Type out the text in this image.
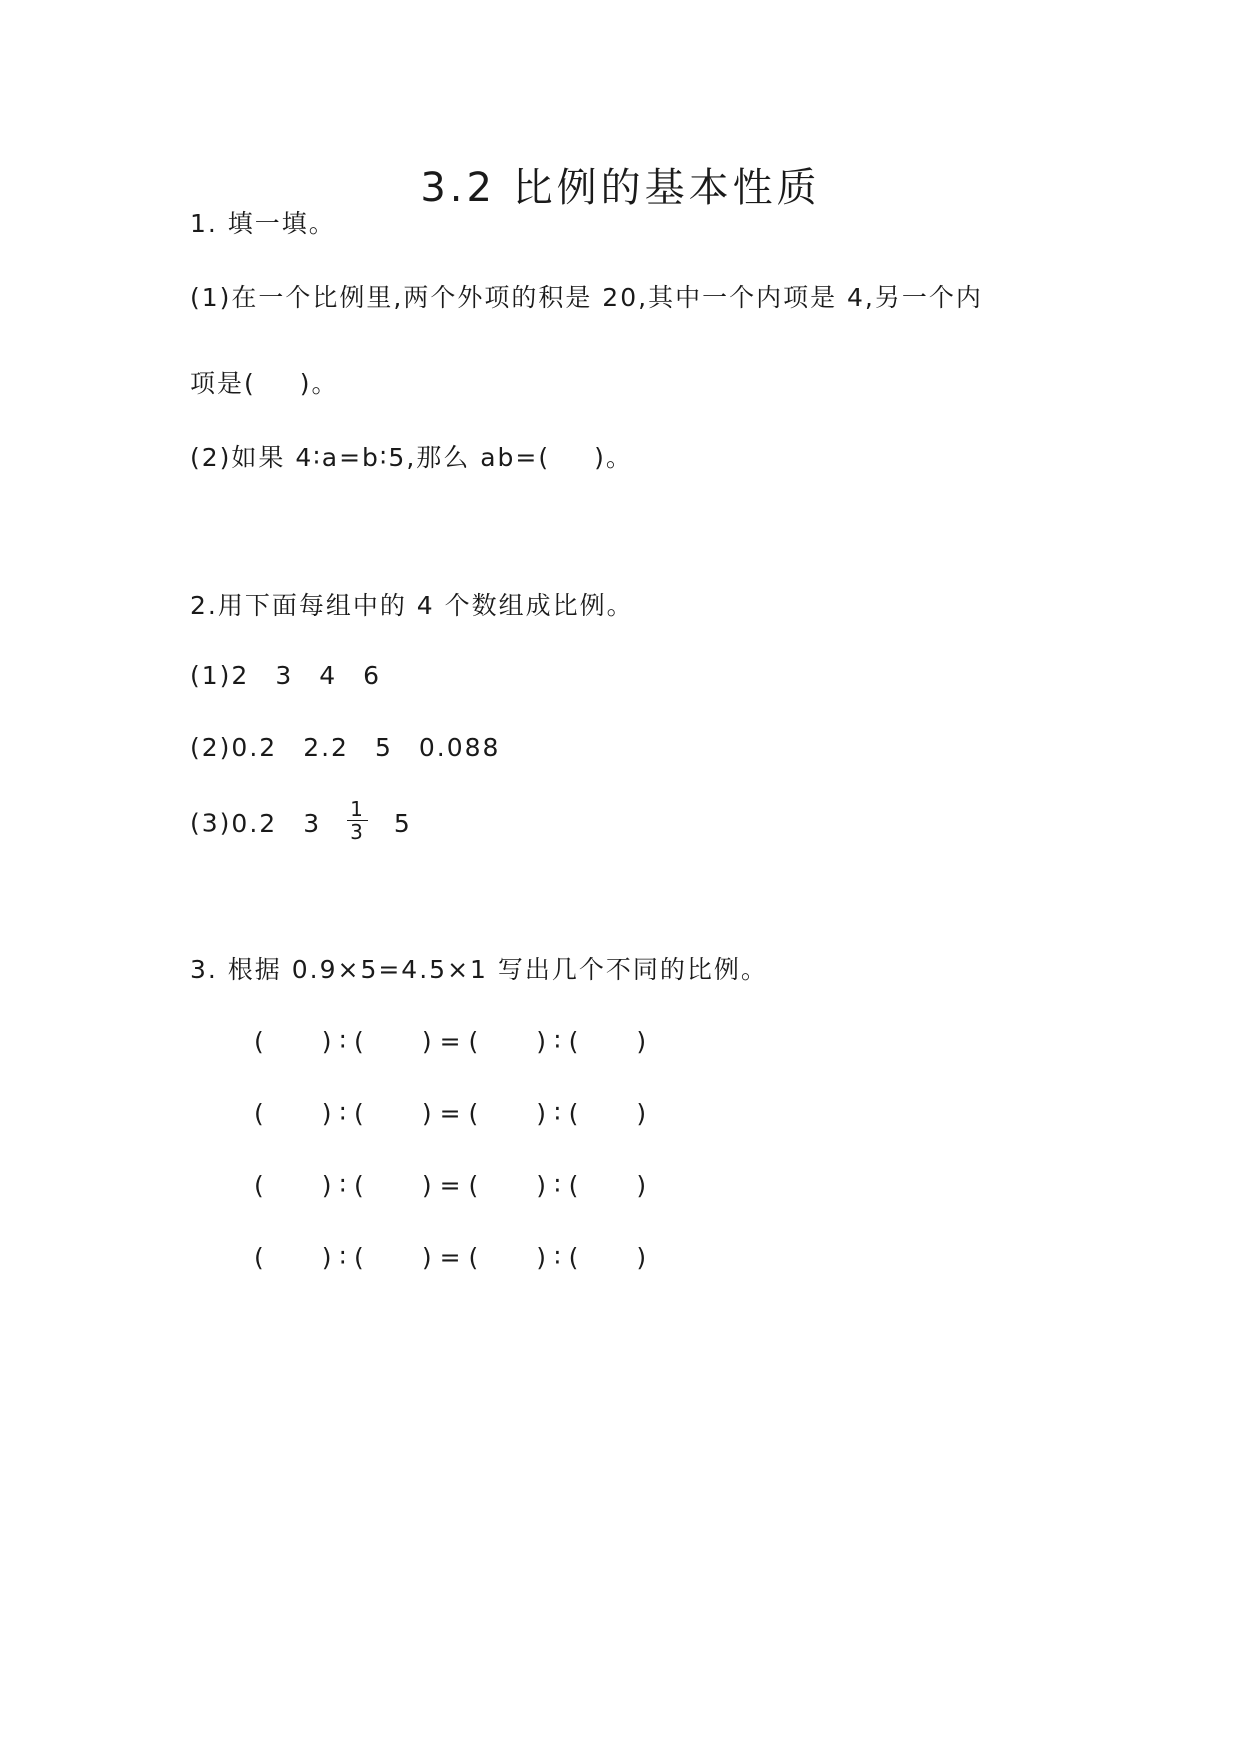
3.2 比例的基本性质
1. 填一填。
(1)在一个比例里,两个外项的积是 20,其中一个内项是 4,另一个内
项是( )。
(2)如果 4∶a=b∶5,那么 ab=( )。
2.用下面每组中的 4 个数组成比例。
(1)2 3 4 6
(2)0.2 2.2 5 0.088
(3)0.2 $3 \frac{1}{3} 5$
3. 根据 0.9×5=4.5×1 写出几个不同的比例。
( ) ∶ ( ) = ( ) ∶ ( )
( ) ∶ ( ) = ( ) ∶ ( )
( ) ∶ ( ) = ( ) ∶ ( )
( ) ∶ ( ) = ( ) ∶ ( )
